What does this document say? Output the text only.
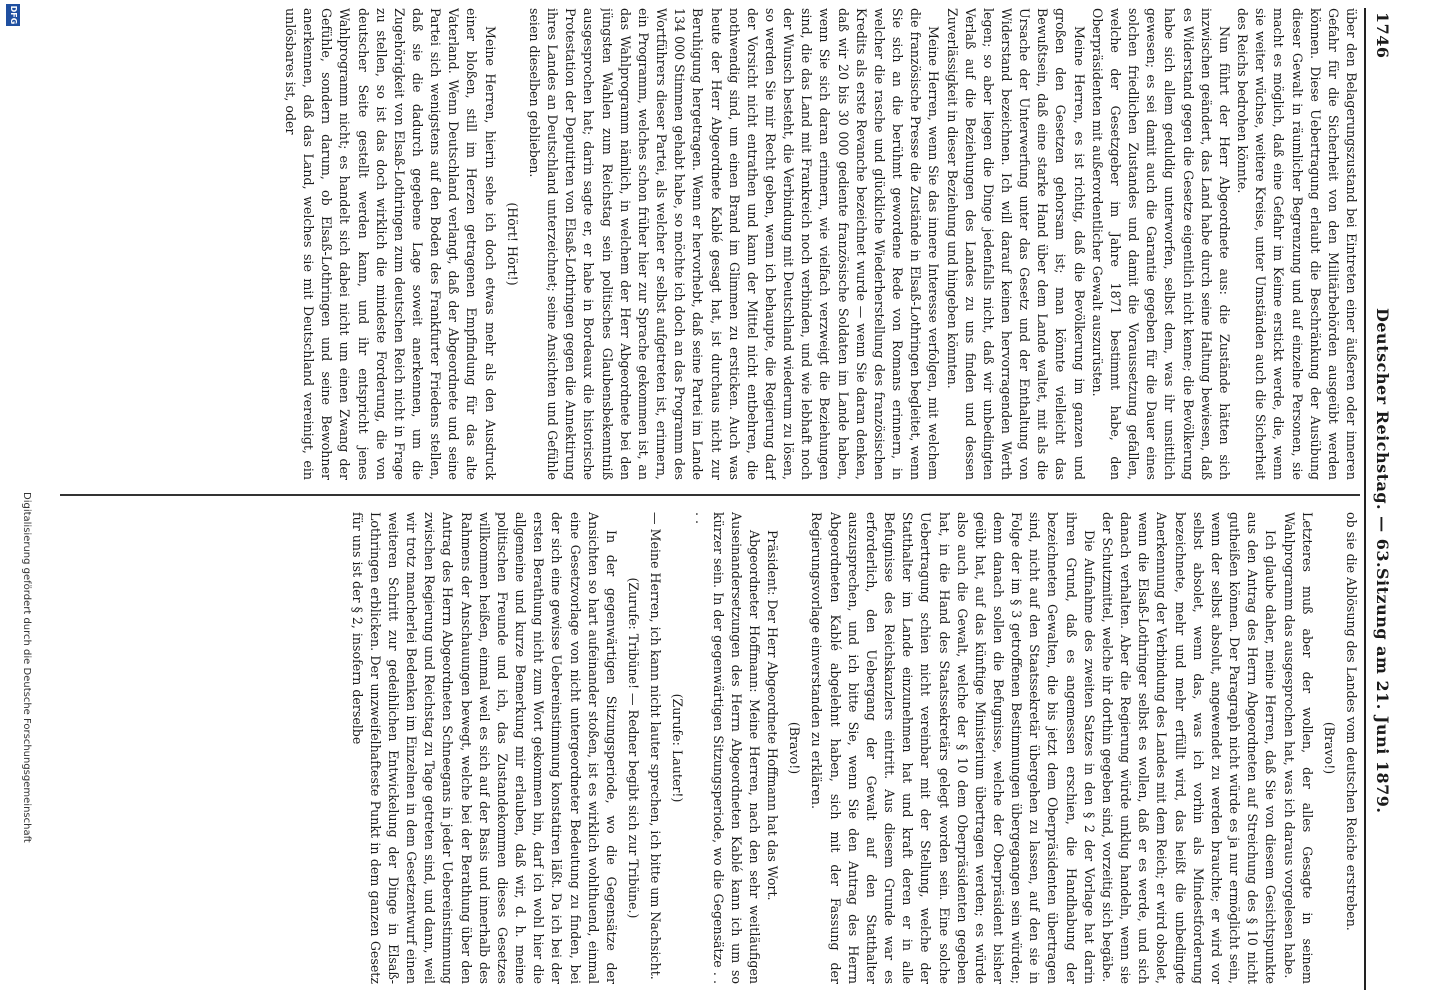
1746
Deutscher Reichstag. — 63.
Sitzung am 21. Juni 1879.

über den Belagerungszustand bei Eintreten einer äußeren oder inneren Gefahr für die Sicherheit von den Militärbehörden ausgeübt werden können. Diese Uebertragung erlaubt die Beschränkung der Ausübung dieser Gewalt in räumlicher Begrenzung und auf einzelne Personen, sie macht es möglich, daß eine Gefahr im Keime erstickt werde, die, wenn sie weiter wüchse, weitere Kreise, unter Umständen auch die Sicherheit des Reichs bedrohen könnte.

Nun führt der Herr Abgeordnete aus: die Zustände hätten sich inzwischen geändert, das Land habe durch seine Haltung bewiesen, daß es Widerstand gegen die Gesetze eigentlich nicht kenne; die Bevölkerung habe sich allem geduldig unterworfen, selbst dem, was ihr unsittlich gewesen; es sei damit auch die Garantie gegeben für die Dauer eines solchen friedlichen Zustandes und damit die Voraussetzung gefallen, welche der Gesetzgeber im Jahre 1871 bestimmt habe, den Oberpräsidenten mit außerordentlicher Gewalt auszurüsten.

Meine Herren, es ist richtig, daß die Bevölkerung im ganzen und großen den Gesetzen gehorsam ist; man könnte vielleicht das Bewußtsein, daß eine starke Hand über dem Lande waltet, mit als die Ursache der Unterwerfung unter das Gesetz und der Enthaltung von Widerstand bezeichnen. Ich will darauf keinen hervorragenden Werth legen; so aber liegen die Dinge jedenfalls nicht, daß wir unbedingten Verlaß auf die Beziehungen des Landes zu uns finden und dessen Zuverlässigkeit in dieser Beziehung und hingeben könnten.

Meine Herren, wenn Sie das innere Interesse verfolgen, mit welchem die französische Presse die Zustände in Elsaß-Lothringen begleitet, wenn Sie sich an die berühmt gewordene Rede von Romans erinnern, in welcher die rasche und glückliche Wiederherstellung des französischen Kredits als erste Revanche bezeichnet wurde — wenn Sie daran denken, daß wir 20 bis 30 000 gediente französische Soldaten im Lande haben, wenn Sie sich daran erinnern, wie vielfach verzweigt die Beziehungen sind, die das Land mit Frankreich noch verbinden, und wie lebhaft noch der Wunsch besteht, die Verbindung mit Deutschland wiederum zu lösen, so werden Sie mir Recht geben, wenn ich behaupte, die Regierung darf der Vorsicht nicht entrathen und kann der Mittel nicht entbehren, die nothwendig sind, um einen Brand im Glimmen zu ersticken. Auch was heute der Herr Abgeordnete Kablé gesagt hat, ist durchaus nicht zur Beruhigung hergetragen. Wenn er hervorhebt, daß seine Partei im Lande 134 000 Stimmen gehabt habe, so möchte ich doch an das Programm des Wortführers dieser Partei, als welcher er selbst aufgetreten ist, erinnern, ein Programm, welches schon früher hier zur Sprache gekommen ist, an das Wahlprogramm nämlich, in welchem der Herr Abgeordnete bei den jüngsten Wahlen zum Reichstag sein politisches Glaubensbekenntniß ausgesprochen hat; darin sagte er, er habe in Bordeaux die historische Protestation der Deputirten von Elsaß-Lothringen gegen die Annektirung ihres Landes an Deutschland unterzeichnet; seine Ansichten und Gefühle seien dieselben geblieben.

(Hört! Hört!)

Meine Herren, hierin sehe ich doch etwas mehr als den Ausdruck einer bloßen, still im Herzen getragenen Empfindung für das alte Vaterland. Wenn Deutschland verlangt, daß der Abgeordnete und seine Partei sich wenigstens auf den Boden des Frankfurter Friedens stellen, daß sie die dadurch gegebene Lage soweit anerkennen, um die Zugehörigkeit von Elsaß-Lothringen zum deutschen Reich nicht in Frage zu stellen, so ist das doch wirklich die mindeste Forderung, die von deutscher Seite gestellt werden kann, und ihr entspricht jenes Wahlprogramm nicht; es handelt sich dabei nicht um einen Zwang der Gefühle, sondern darum, ob Elsaß-Lothringen und seine Bewohner anerkennen, daß das Land, welches sie mit Deutschland vereinigt, ein unlösbares ist, oder

ob sie die Ablösung des Landes vom deutschen Reiche erstreben.

(Bravo!)

Letzteres muß aber der wollen, der alles Gesagte in seinem Wahlprogramm das ausgesprochen hat, was ich daraus vorgelesen habe.

Ich glaube daher, meine Herren, daß Sie von diesem Gesichtspunkte aus den Antrag des Herrn Abgeordneten auf Streichung des § 10 nicht gutheißen können. Der Paragraph nicht würde es ja nur ermöglicht sein, wenn der selbst absolut, angewendet zu werden brauchte; er wird vor selbst absolet, wenn das, was ich vorhin als Mindestforderung bezeichnete, mehr und mehr erfüllt wird, das heißt die unbedingte Anerkennung der Verbindung des Landes mit dem Reich; er wird obsolet, wenn die Elsaß-Lothringer selbst es wollen, daß er es werde, und sich danach verhalten. Aber die Regierung würde unklug handeln, wenn sie der Schutzmittel, welche ihr dorthin gegeben sind, vorzeitig sich begäbe.

Die Aufnahme des zweiten Satzes in den § 2 der Vorlage hat darin ihren Grund, daß es angemessen erschien, die Handhabung der bezeichneten Gewalten, die bis jetzt dem Oberpräsidenten übertragen sind, nicht auf den Staatssekretär übergehen zu lassen, auf den sie in Folge der im § 3 getroffenen Bestimmungen übergegangen sein würden; denn danach sollen die Befugnisse, welche der Oberpräsident bisher geübt hat, auf das künftige Ministerium übertragen werden; es würde also auch die Gewalt, welche der § 10 dem Oberpräsidenten gegeben hat, in die Hand des Staatssekretärs gelegt worden sein. Eine solche Uebertragung schien nicht vereinbar mit der Stellung, welche der Statthalter im Lande einzunehmen hat und kraft deren er in alle Befugnisse des Reichskanzlers eintritt. Aus diesem Grunde war es erforderlich, den Uebergang der Gewalt auf den Statthalter auszusprechen, und ich bitte Sie, wenn Sie den Antrag des Herrn Abgeordneten Kablé abgelehnt haben, sich mit der Fassung der Regierungsvorlage einverstanden zu erklären.

(Bravo!)

Präsident: Der Herr Abgeordnete Hoffmann hat das Wort.

Abgeordneter Hoffmann: Meine Herren, nach den sehr weitläufigen Auseinandersetzungen des Herrn Abgeordneten Kablé kann ich um so kürzer sein. In der gegenwärtigen Sitzungsperiode, wo die Gegensätze . . . .

(Zurufe: Lauter!)

— Meine Herren, ich kann nicht lauter sprechen, ich bitte um Nachsicht.

(Zurufe: Tribüne! — Redner begibt sich zur Tribüne.)

In der gegenwärtigen Sitzungsperiode, wo die Gegensätze der Ansichten so hart aufeinander stoßen, ist es wirklich wohlthuend, einmal eine Gesetzvorlage von nicht untergeordneter Bedeutung zu finden, bei der sich eine gewisse Uebereinstimmung konstatiren läßt. Da ich bei der ersten Berathung nicht zum Wort gekommen bin, darf ich wohl hier die allgemeine und kurze Bemerkung mir erlauben, daß wir, d. h. meine politischen Freunde und ich, das Zustandekommen dieses Gesetzes willkommen heißen, einmal weil es sich auf der Basis und innerhalb des Rahmens der Anschauungen bewegt, welche bei der Berathung über den Antrag des Herrn Abgeordneten Schneegans in jeder Uebereinstimmung zwischen Regierung und Reichstag zu Tage getreten sind, und dann, weil wir trotz mancherlei Bedenken im Einzelnen in dem Gesetzentwurf einen weiteren Schritt zur gedeihlichen Entwickelung der Dinge in Elsaß-Lothringen erblicken. Der unzweifelhafteste Punkt in dem ganzen Gesetz für uns ist der § 2, insofern derselbe

Digitalisierung gefördert durch die Deutsche Forschungsgemeinschaft
DFG
